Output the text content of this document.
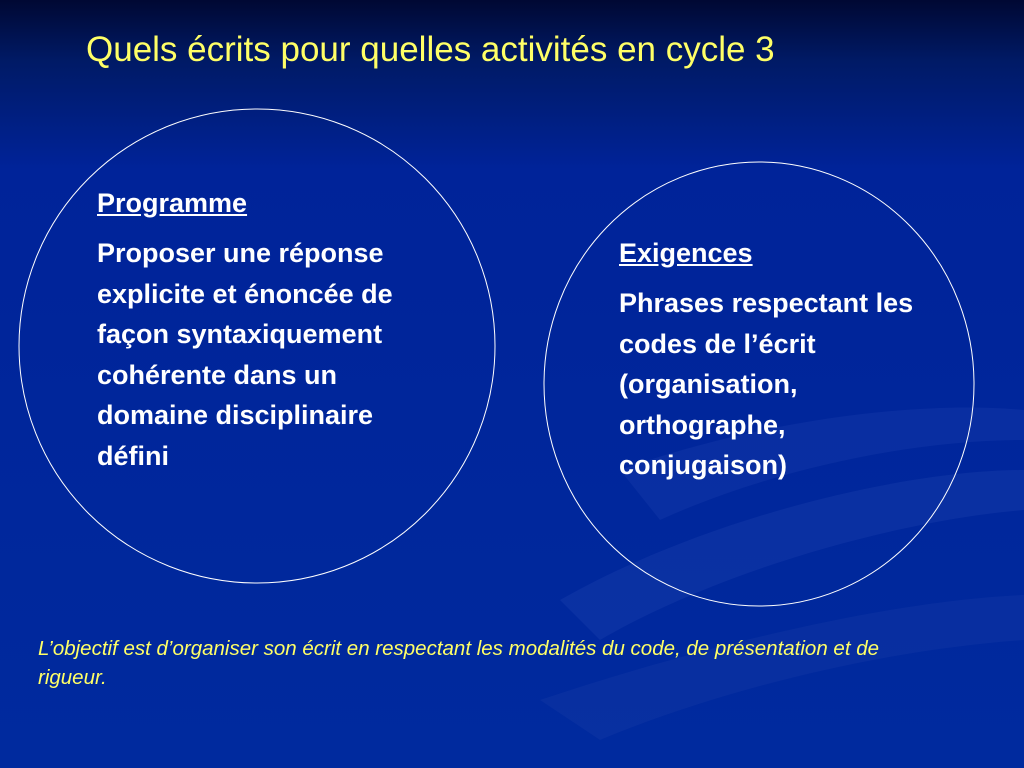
Quels écrits pour quelles activités en cycle 3
Programme
Proposer une réponse explicite et énoncée de façon syntaxiquement cohérente dans un domaine disciplinaire défini
Exigences
Phrases respectant les codes de l’écrit (organisation, orthographe, conjugaison)
L’objectif est d’organiser son écrit en respectant les modalités du code, de présentation et de rigueur.
